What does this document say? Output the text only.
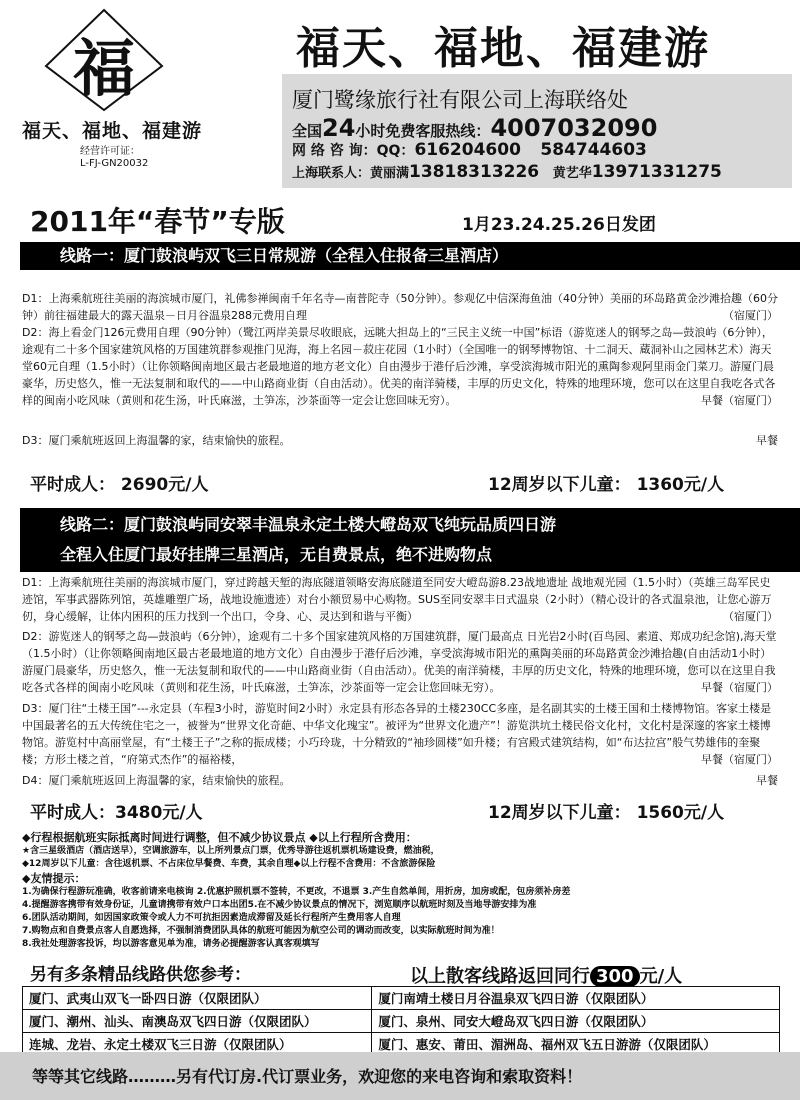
福
福天、福地、福建游
经营许可证：
L-FJ-GN20032
福天、福地、福建游
厦门鹭缘旅行社有限公司上海联络处
全国24小时免费客服热线：4007032090
网 络 咨 询：QQ：616204600 584744603
上海联系人：黄丽满13818313226 黄艺华13971331275
2011年“春节”专版	1月23.24.25.26日发团
线路一：厦门鼓浪屿双飞三日常规游（全程入住报备三星酒店）
D1：上海乘航班往美丽的海滨城市厦门，礼佛参禅闽南千年名寺—南普陀寺（50分钟）。参观亿中信深海鱼油（40分钟）美丽的环岛路黄金沙滩拾趣（60分钟）前往福建最大的露天温泉－日月谷温泉288元费用自理	（宿厦门）
D2：海上看金门126元费用自理（90分钟）（鹭江两岸美景尽收眼底，远眺大担岛上的“三民主义统一中国”标语（游览迷人的钢琴之岛—鼓浪屿（6分钟），途观有二十多个国家建筑风格的万国建筑群参观推门见海，海上名园－菽庄花园（1小时）（全国唯一的钢琴博物馆、十二洞天、蔵洞补山之园林艺术）海天堂60元自理（1.5小时）（让你领略闽南地区最古老最地道的地方老文化）自由漫步于港仔后沙滩，享受滨海城市阳光的熏陶参观阿里雨金门菜刀。游厦门晨豪华，历史悠久，惟一无法复制和取代的——中山路商业街（自由活动）。优美的南洋骑楼，丰厚的历史文化，特殊的地理环境，您可以在这里自我吃各式各样的闽南小吃风味（黄则和花生汤，叶氏麻滋，土笋冻，沙茶面等一定会让您回味无穷）。	早餐（宿厦门）
D3：厦门乘航班返回上海温馨的家，结束愉快的旅程。	早餐
平时成人： 2690元/人	12周岁以下儿童： 1360元/人
线路二：厦门鼓浪屿同安翠丰温泉永定土楼大嶝岛双飞纯玩品质四日游
全程入住厦门最好挂牌三星酒店，无自费景点，绝不进购物点
D1：上海乘航班往美丽的海滨城市厦门，穿过跨越天堑的海底隧道领略安海底隧道至同安大嶝岛游8.23战地遗址 战地观光园（1.5小时）（英雄三岛军民史迹馆，军事武器陈列馆，英雄雕塑广场，战地设施遗迹）对台小额贸易中心购物。SUS至同安翠丰日式温泉（2小时）（精心设计的各式温泉池，让您心游万仞，身心缓解，让体内困积的压力找到一个出口，令身、心、灵达到和谐与平衡）	（宿厦门）
D2：游览迷人的钢琴之岛—鼓浪屿（6分钟），途观有二十多个国家建筑风格的万国建筑群，厦门最高点 日光岩2小时(百鸟园、素道、郑成功纪念馆),海天堂（1.5小时）（让你领略闽南地区最古老最地道的地方文化）自由漫步于港仔后沙滩，享受滨海城市阳光的熏陶美丽的环岛路黄金沙滩拾趣(自由活动1小时）游厦门晨豪华，历史悠久，惟一无法复制和取代的——中山路商业街（自由活动）。优美的南洋骑楼，丰厚的历史文化，特殊的地理环境，您可以在这里自我吃各式各样的闽南小吃风味（黄则和花生汤，叶氏麻滋，土笋冻，沙茶面等一定会让您回味无穷）。	早餐（宿厦门）
D3：厦门往“土楼王国”---永定县（车程3小时，游览时间2小时）永定县有形态各异的土楼230CC多座，是名副其实的土楼王国和土楼博物馆。客家土楼是中国最著名的五大传统住宅之一，被誉为“世界文化奇葩、中华文化瑰宝”。被评为“世界文化遗产”！游览洪坑土楼民俗文化村，文化村是深邃的客家土楼博物馆。游览村中高丽堂屋，有“土楼王子”之称的振成楼；小巧玲珑，十分精致的“袖珍圆楼”如升楼；有宫殿式建筑结构，如“布达拉宫”般气势雄伟的奎聚楼；方形土楼之首，“府第式杰作”的福裕楼，	早餐（宿厦门）
D4：厦门乘航班返回上海温馨的家，结束愉快的旅程。	早餐
平时成人：3480元/人	12周岁以下儿童： 1560元/人
◆行程根据航班实际抵离时间进行调整，但不减少协议景点 ◆以上行程所含费用：
★含三星级酒店（酒店送早），空调旅游车，以上所列景点门票，优秀导游往返机票机场建设费，燃油税，
◆12周岁以下儿童：含往返机票、不占床位早餐费、车费，其余自理◆以上行程不含费用：不含旅游保险
◆友情提示：
1.为确保行程游玩准确，收客前请来电核询 2.优惠护照机票不签转，不更改，不退票 3.产生自然单间，用折房，加房或配，包房须补房差
4.提醒游客携带有效身份证，儿童请携带有效户口本出团5.在不减少协议景点的情况下，浏览顺序以航班时刻及当地导游安排为准
6.团队活动期间，如因国家政策令或人力不可抗拒因素造成滞留及延长行程所产生费用客人自理
7.购物点和自费景点客人自愿选择，不强制消费团队具体的航班可能因为航空公司的调动而改变，以实际航班时间为准！
8.我社处理游客投诉，均以游客意见单为准，请务必提醒游客认真客观填写
另有多条精品线路供您参考：	以上散客线路返回同行 300 元/人
厦门、武夷山双飞一卧四日游（仅限团队）	厦门南靖土楼日月谷温泉双飞四日游（仅限团队）
厦门、潮州、汕头、南澳岛双飞四日游（仅限团队）	厦门、泉州、同安大嶝岛双飞四日游（仅限团队）
连城、龙岩、永定土楼双飞三日游（仅限团队）	厦门、惠安、莆田、湄洲岛、福州双飞五日游游（仅限团队）
等等其它线路………另有代订房.代订票业务，欢迎您的来电咨询和索取资料！
